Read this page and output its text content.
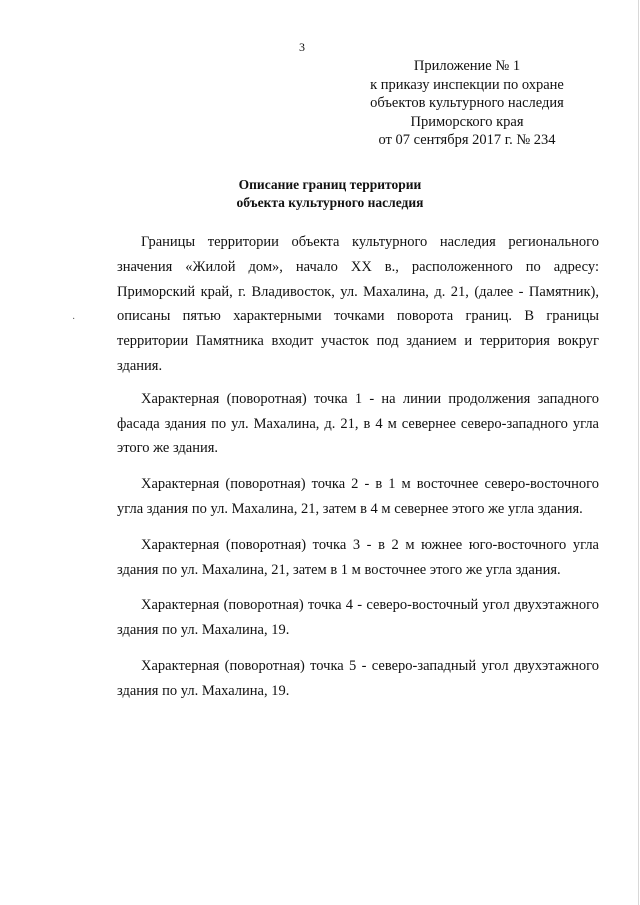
3
Приложение № 1
к приказу инспекции по охране
объектов культурного наследия
Приморского края
от 07 сентября 2017 г. № 234
Описание границ территории
объекта культурного наследия
·

Границы территории объекта культурного наследия регионального значения «Жилой дом», начало XX в., расположенного по адресу: Приморский край, г. Владивосток, ул. Махалина, д. 21, (далее - Памятник), описаны пятью характерными точками поворота границ. В границы территории Памятника входит участок под зданием и территория вокруг здания.

Характерная (поворотная) точка 1 - на линии продолжения западного фасада здания по ул. Махалина, д. 21, в 4 м севернее северо-западного угла этого же здания.

Характерная (поворотная) точка 2 - в 1 м восточнее северо-восточного угла здания по ул. Махалина, 21, затем в 4 м севернее этого же угла здания.

Характерная (поворотная) точка 3 - в 2 м южнее юго-восточного угла здания по ул. Махалина, 21, затем в 1 м восточнее этого же угла здания.

Характерная (поворотная) точка 4 - северо-восточный угол двухэтажного здания по ул. Махалина, 19.

Характерная (поворотная) точка 5 - северо-западный угол двухэтажного здания по ул. Махалина, 19.
